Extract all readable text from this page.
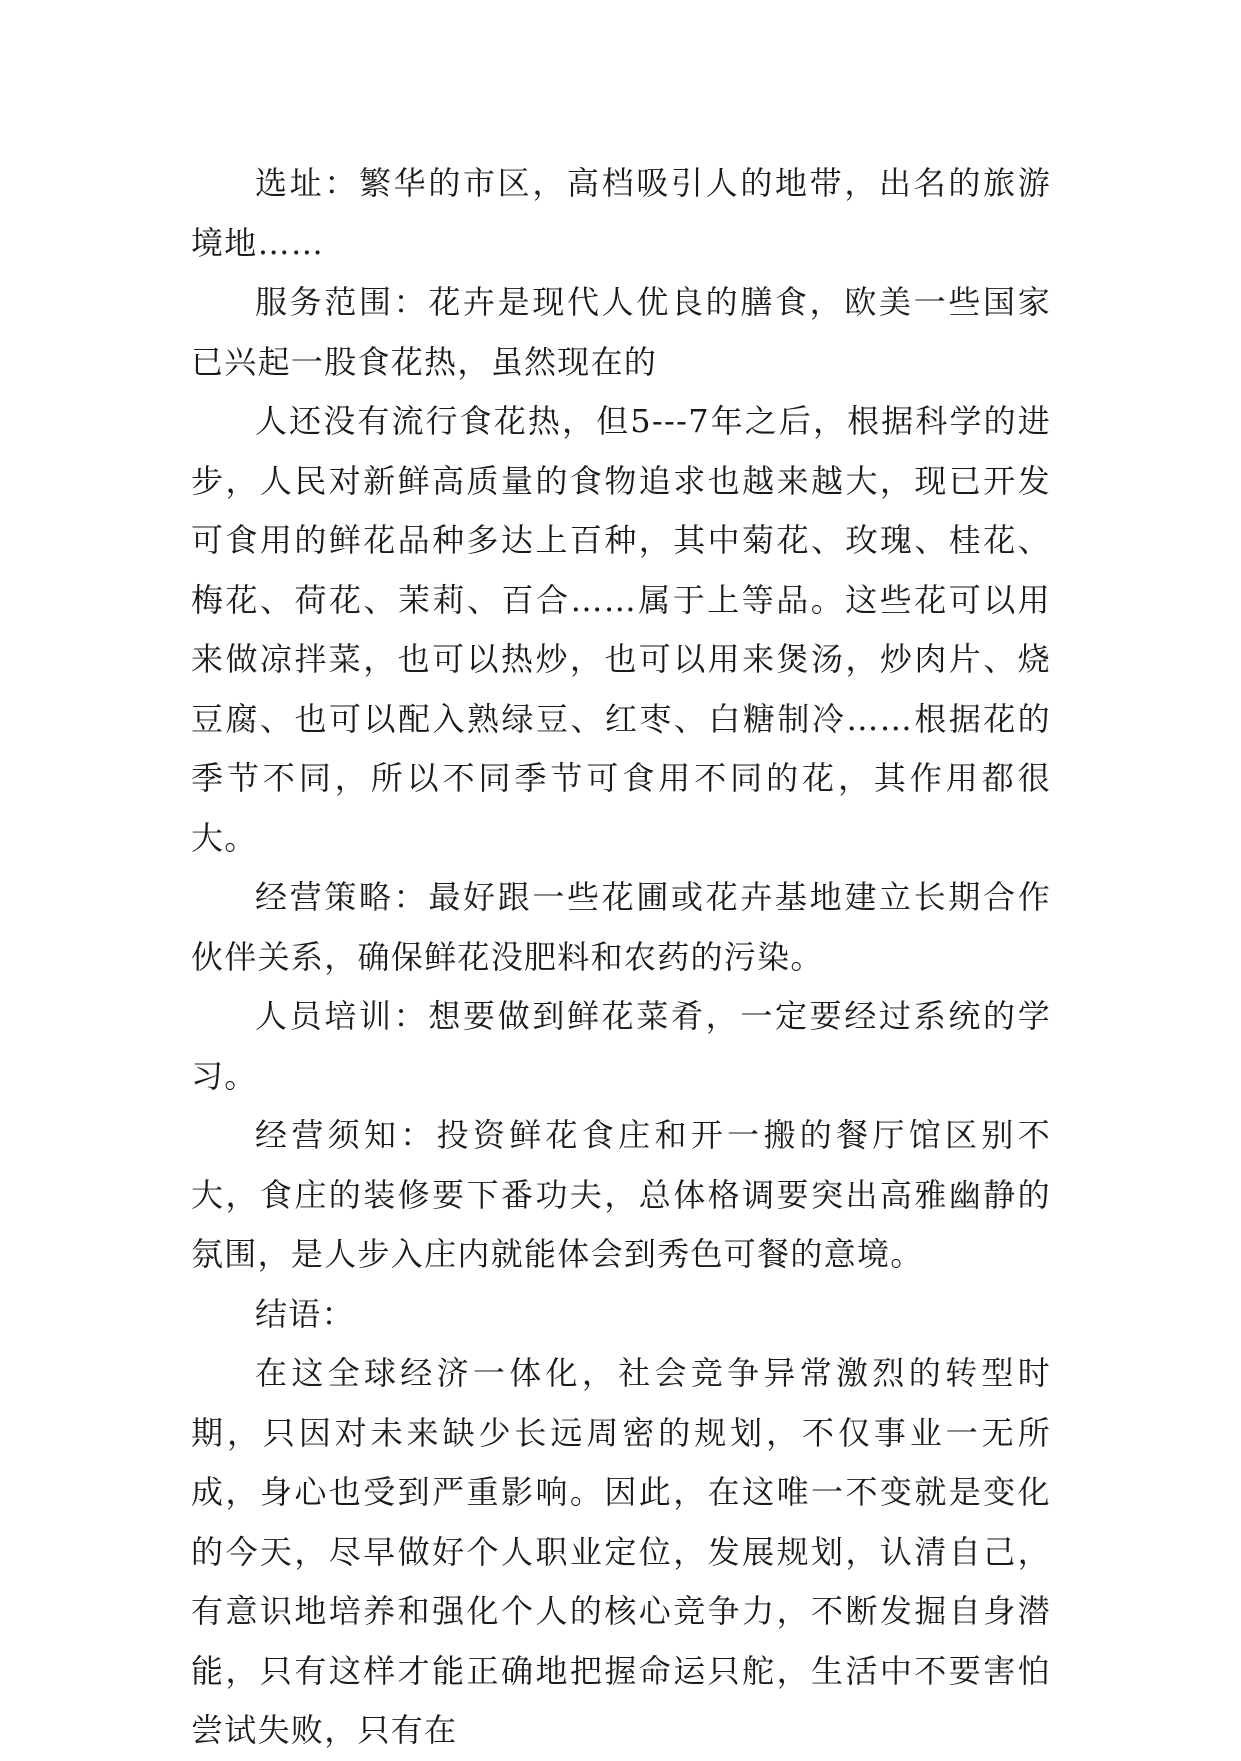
选址：繁华的市区，高档吸引人的地带，出名的旅游境地……

服务范围：花卉是现代人优良的膳食，欧美一些国家已兴起一股食花热，虽然现在的

人还没有流行食花热，但5---7年之后，根据科学的进步，人民对新鲜高质量的食物追求也越来越大，现已开发可食用的鲜花品种多达上百种，其中菊花、玫瑰、桂花、梅花、荷花、茉莉、百合……属于上等品。这些花可以用来做凉拌菜，也可以热炒，也可以用来煲汤，炒肉片、烧豆腐、也可以配入熟绿豆、红枣、白糖制冷……根据花的季节不同，所以不同季节可食用不同的花，其作用都很大。

经营策略：最好跟一些花圃或花卉基地建立长期合作伙伴关系，确保鲜花没肥料和农药的污染。

人员培训：想要做到鲜花菜肴，一定要经过系统的学习。

经营须知：投资鲜花食庄和开一搬的餐厅馆区别不大，食庄的装修要下番功夫，总体格调要突出高雅幽静的氛围，是人步入庄内就能体会到秀色可餐的意境。

结语：

在这全球经济一体化，社会竞争异常激烈的转型时期，只因对未来缺少长远周密的规划，不仅事业一无所成，身心也受到严重影响。因此，在这唯一不变就是变化的今天，尽早做好个人职业定位，发展规划，认清自己，有意识地培养和强化个人的核心竞争力，不断发掘自身潜能，只有这样才能正确地把握命运只舵，生活中不要害怕尝试失败，只有在
